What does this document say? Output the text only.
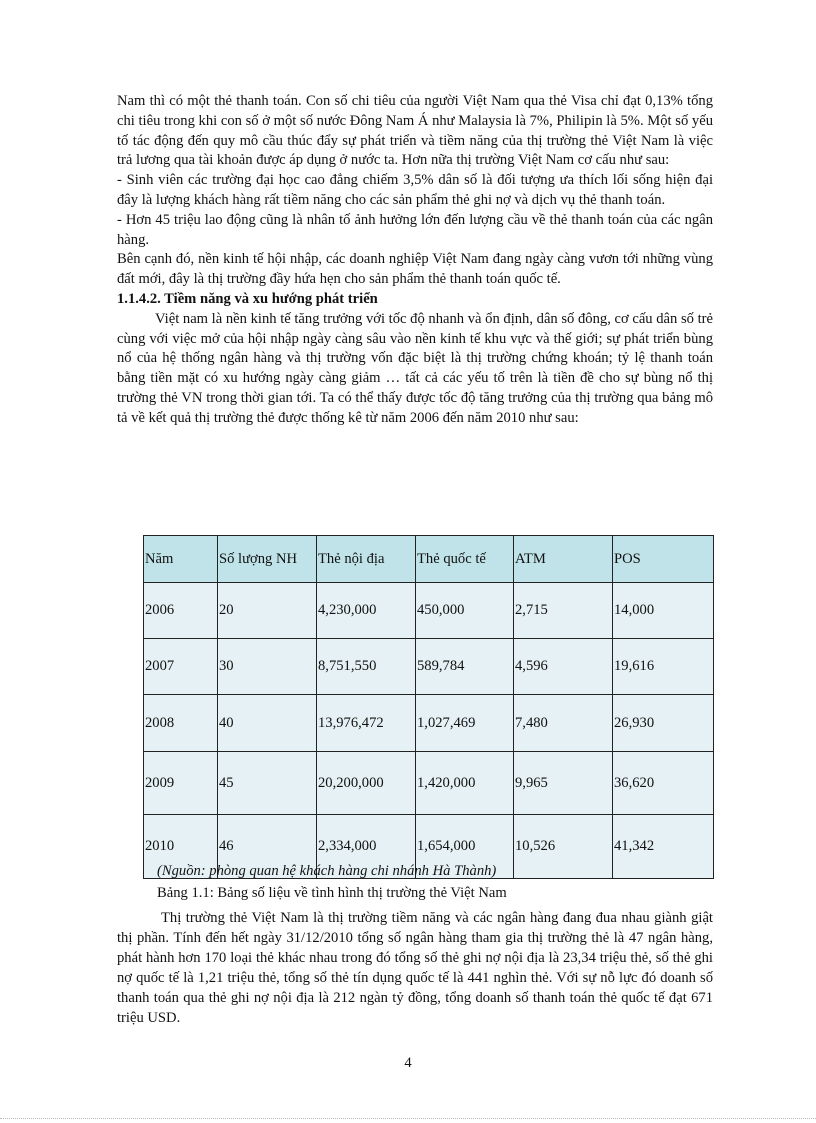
Nam thì có một thẻ thanh toán. Con số chi tiêu của người Việt Nam qua thẻ Visa chỉ đạt 0,13% tổng chi tiêu trong khi con số ở một số nước Đông Nam Á như Malaysia là 7%, Philipin là 5%. Một số yếu tố tác động đến quy mô cầu thúc đẩy sự phát triển và tiềm năng của thị trường thẻ Việt Nam là việc trả lương qua tài khoản được áp dụng ở nước ta. Hơn nữa thị trường Việt Nam cơ cấu như sau:

- Sinh viên các trường đại học cao đẳng chiếm 3,5% dân số là đối tượng ưa thích lối sống hiện đại đây là lượng khách hàng rất tiềm năng cho các sản phẩm thẻ ghi nợ và dịch vụ thẻ thanh toán.

- Hơn 45 triệu lao động cũng là nhân tố ảnh hưởng lớn đến lượng cầu về thẻ thanh toán của các ngân hàng.

Bên cạnh đó, nền kinh tế hội nhập, các doanh nghiệp Việt Nam đang ngày càng vươn tới những vùng đất mới, đây là thị trường đầy hứa hẹn cho sản phẩm thẻ thanh toán quốc tế.

1.1.4.2. Tiềm năng và xu hướng phát triển

Việt nam là nền kinh tế tăng trưởng với tốc độ nhanh và ổn định, dân số đông, cơ cấu dân số trẻ cùng với việc mở của hội nhập ngày càng sâu vào nền kinh tế khu vực và thế giới; sự phát triển bùng nổ của hệ thống ngân hàng và thị trường vốn đặc biệt là thị trường chứng khoán; tỷ lệ thanh toán bằng tiền mặt có xu hướng ngày càng giảm … tất cả các yếu tố trên là tiền đề cho sự bùng nổ thị trường thẻ VN trong thời gian tới. Ta có thể thấy được tốc độ tăng trưởng của thị trường qua bảng mô tả về kết quả thị trường thẻ được thống kê từ năm 2006 đến năm 2010 như sau:

Năm	Số lượng NH	Thẻ nội địa	Thẻ quốc tế	ATM	POS
2006	20	4,230,000	450,000	2,715	14,000
2007	30	8,751,550	589,784	4,596	19,616
2008	40	13,976,472	1,027,469	7,480	26,930
2009	45	20,200,000	1,420,000	9,965	36,620
2010	46	2,334,000	1,654,000	10,526	41,342
(Nguồn: phòng quan hệ khách hàng chi nhánh Hà Thành)
Bảng 1.1: Bảng số liệu về tình hình thị trường thẻ Việt Nam

Thị trường thẻ Việt Nam là thị trường tiềm năng và các ngân hàng đang đua nhau giành giật thị phần. Tính đến hết ngày 31/12/2010 tổng số ngân hàng tham gia thị trường thẻ là 47 ngân hàng, phát hành hơn 170 loại thẻ khác nhau trong đó tổng số thẻ ghi nợ nội địa là 23,34 triệu thẻ, số thẻ ghi nợ quốc tế là 1,21 triệu thẻ, tổng số thẻ tín dụng quốc tế là 441 nghìn thẻ. Với sự nỗ lực đó doanh số thanh toán qua thẻ ghi nợ nội địa là 212 ngàn tỷ đồng, tổng doanh số thanh toán thẻ quốc tế đạt 671 triệu USD.

4
